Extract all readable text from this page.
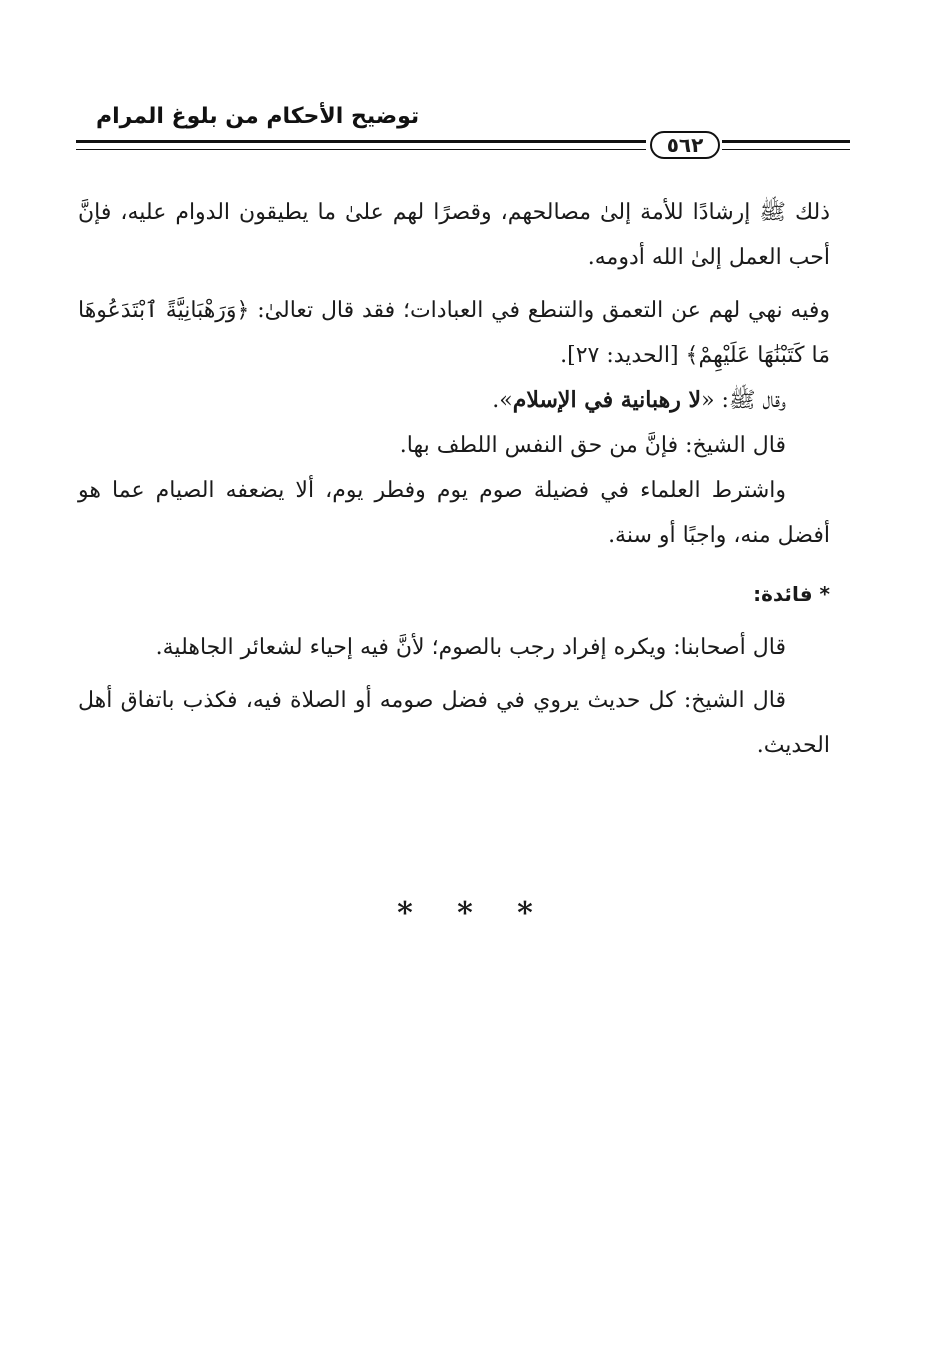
توضيح الأحكام من بلوغ المرام
٥٦٢

ذلك ﷺ إرشادًا للأمة إلىٰ مصالحهم، وقصرًا لهم علىٰ ما يطيقون الدوام عليه، فإنَّ أحب العمل إلىٰ الله أدومه.

وفيه نهي لهم عن التعمق والتنطع في العبادات؛ فقد قال تعالىٰ: ﴿وَرَهْبَانِيَّةً ٱبْتَدَعُوهَا مَا كَتَبْنَٰهَا عَلَيْهِمْ﴾ [الحديد: ٢٧].

وقال ﷺ: «لا رهبانية في الإسلام».

قال الشيخ: فإنَّ من حق النفس اللطف بها.

واشترط العلماء في فضيلة صوم يوم وفطر يوم، ألا يضعفه الصيام عما هو أفضل منه، واجبًا أو سنة.

* فائدة:

قال أصحابنا: ويكره إفراد رجب بالصوم؛ لأنَّ فيه إحياء لشعائر الجاهلية.

قال الشيخ: كل حديث يروي في فضل صومه أو الصلاة فيه، فكذب باتفاق أهل الحديث.

* * *
